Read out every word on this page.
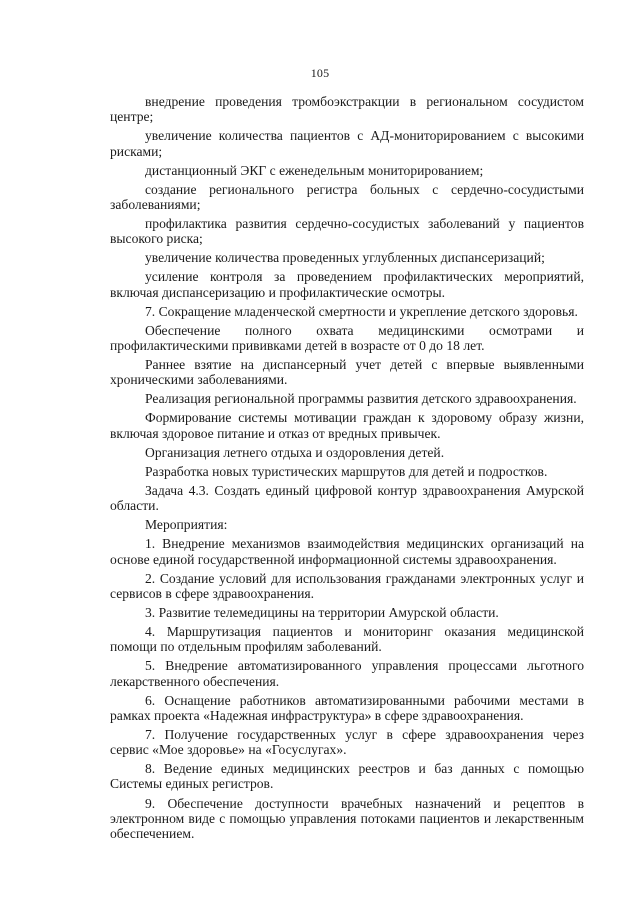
105

внедрение проведения тромбоэкстракции в региональном сосудистом центре;

увеличение количества пациентов с АД-мониторированием с высокими рисками;

дистанционный ЭКГ с еженедельным мониторированием;

создание регионального регистра больных с сердечно-сосудистыми заболеваниями;

профилактика развития сердечно-сосудистых заболеваний у пациентов высокого риска;

увеличение количества проведенных углубленных диспансеризаций;

усиление контроля за проведением профилактических мероприятий, включая диспансеризацию и профилактические осмотры.

7. Сокращение младенческой смертности и укрепление детского здоровья.

Обеспечение полного охвата медицинскими осмотрами и профилактическими прививками детей в возрасте от 0 до 18 лет.

Раннее взятие на диспансерный учет детей с впервые выявленными хроническими заболеваниями.

Реализация региональной программы развития детского здравоохранения.

Формирование системы мотивации граждан к здоровому образу жизни, включая здоровое питание и отказ от вредных привычек.

Организация летнего отдыха и оздоровления детей.

Разработка новых туристических маршрутов для детей и подростков.

Задача 4.3. Создать единый цифровой контур здравоохранения Амурской области.

Мероприятия:

1. Внедрение механизмов взаимодействия медицинских организаций на основе единой государственной информационной системы здравоохранения.

2. Создание условий для использования гражданами электронных услуг и сервисов в сфере здравоохранения.

3. Развитие телемедицины на территории Амурской области.

4. Маршрутизация пациентов и мониторинг оказания медицинской помощи по отдельным профилям заболеваний.

5. Внедрение автоматизированного управления процессами льготного лекарственного обеспечения.

6. Оснащение работников автоматизированными рабочими местами в рамках проекта «Надежная инфраструктура» в сфере здравоохранения.

7. Получение государственных услуг в сфере здравоохранения через сервис «Мое здоровье» на «Госуслугах».

8. Ведение единых медицинских реестров и баз данных с помощью Системы единых регистров.

9. Обеспечение доступности врачебных назначений и рецептов в электронном виде с помощью управления потоками пациентов и лекарственным обеспечением.
